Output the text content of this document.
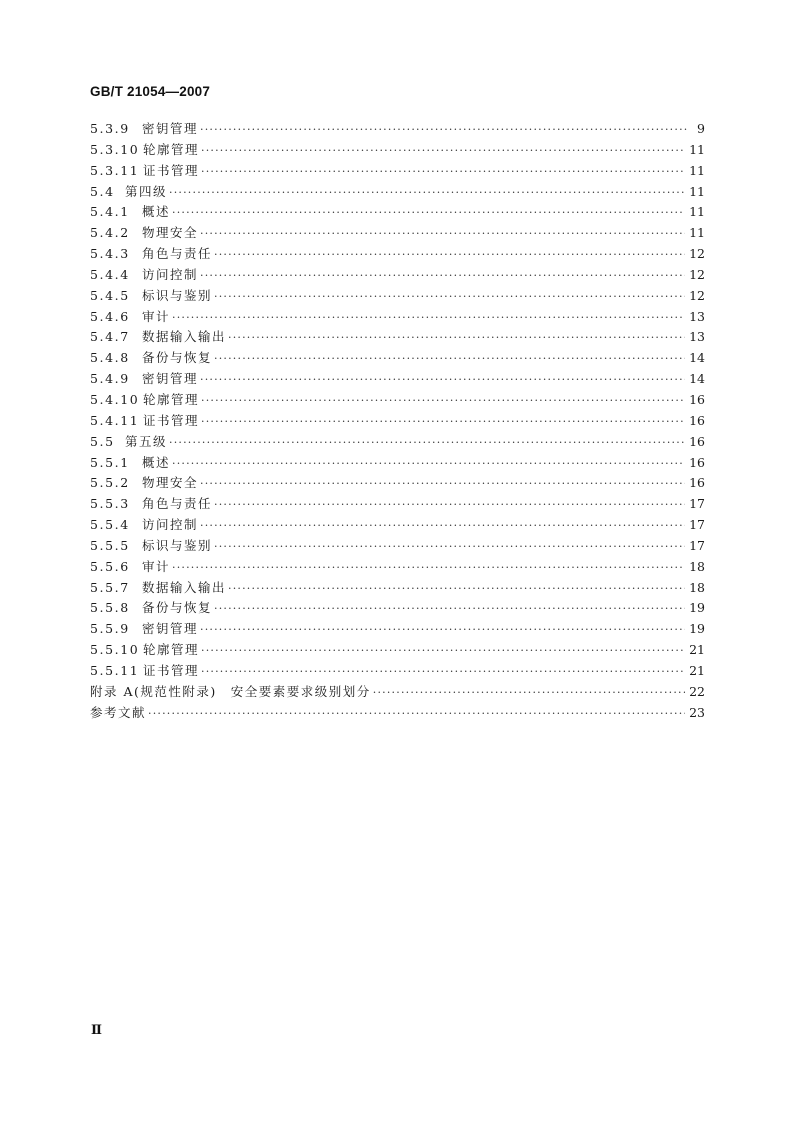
GB/T 21054—2007
5.3.9 密钥管理 ·····	9
5.3.10 轮廓管理 ·····	11
5.3.11 证书管理 ·····	11
5.4 第四级 ·····	11
5.4.1 概述 ·····	11
5.4.2 物理安全 ·····	11
5.4.3 角色与责任 ·····	12
5.4.4 访问控制 ·····	12
5.4.5 标识与鉴别 ·····	12
5.4.6 审计 ·····	13
5.4.7 数据输入输出 ·····	13
5.4.8 备份与恢复 ·····	14
5.4.9 密钥管理 ·····	14
5.4.10 轮廓管理 ·····	16
5.4.11 证书管理 ·····	16
5.5 第五级 ·····	16
5.5.1 概述 ·····	16
5.5.2 物理安全 ·····	16
5.5.3 角色与责任 ·····	17
5.5.4 访问控制 ·····	17
5.5.5 标识与鉴别 ·····	17
5.5.6 审计 ·····	18
5.5.7 数据输入输出 ·····	18
5.5.8 备份与恢复 ·····	19
5.5.9 密钥管理 ·····	19
5.5.10 轮廓管理 ·····	21
5.5.11 证书管理 ·····	21
附录 A(规范性附录)　安全要素要求级别划分 ·····	22
参考文献 ·····	23
Ⅱ
